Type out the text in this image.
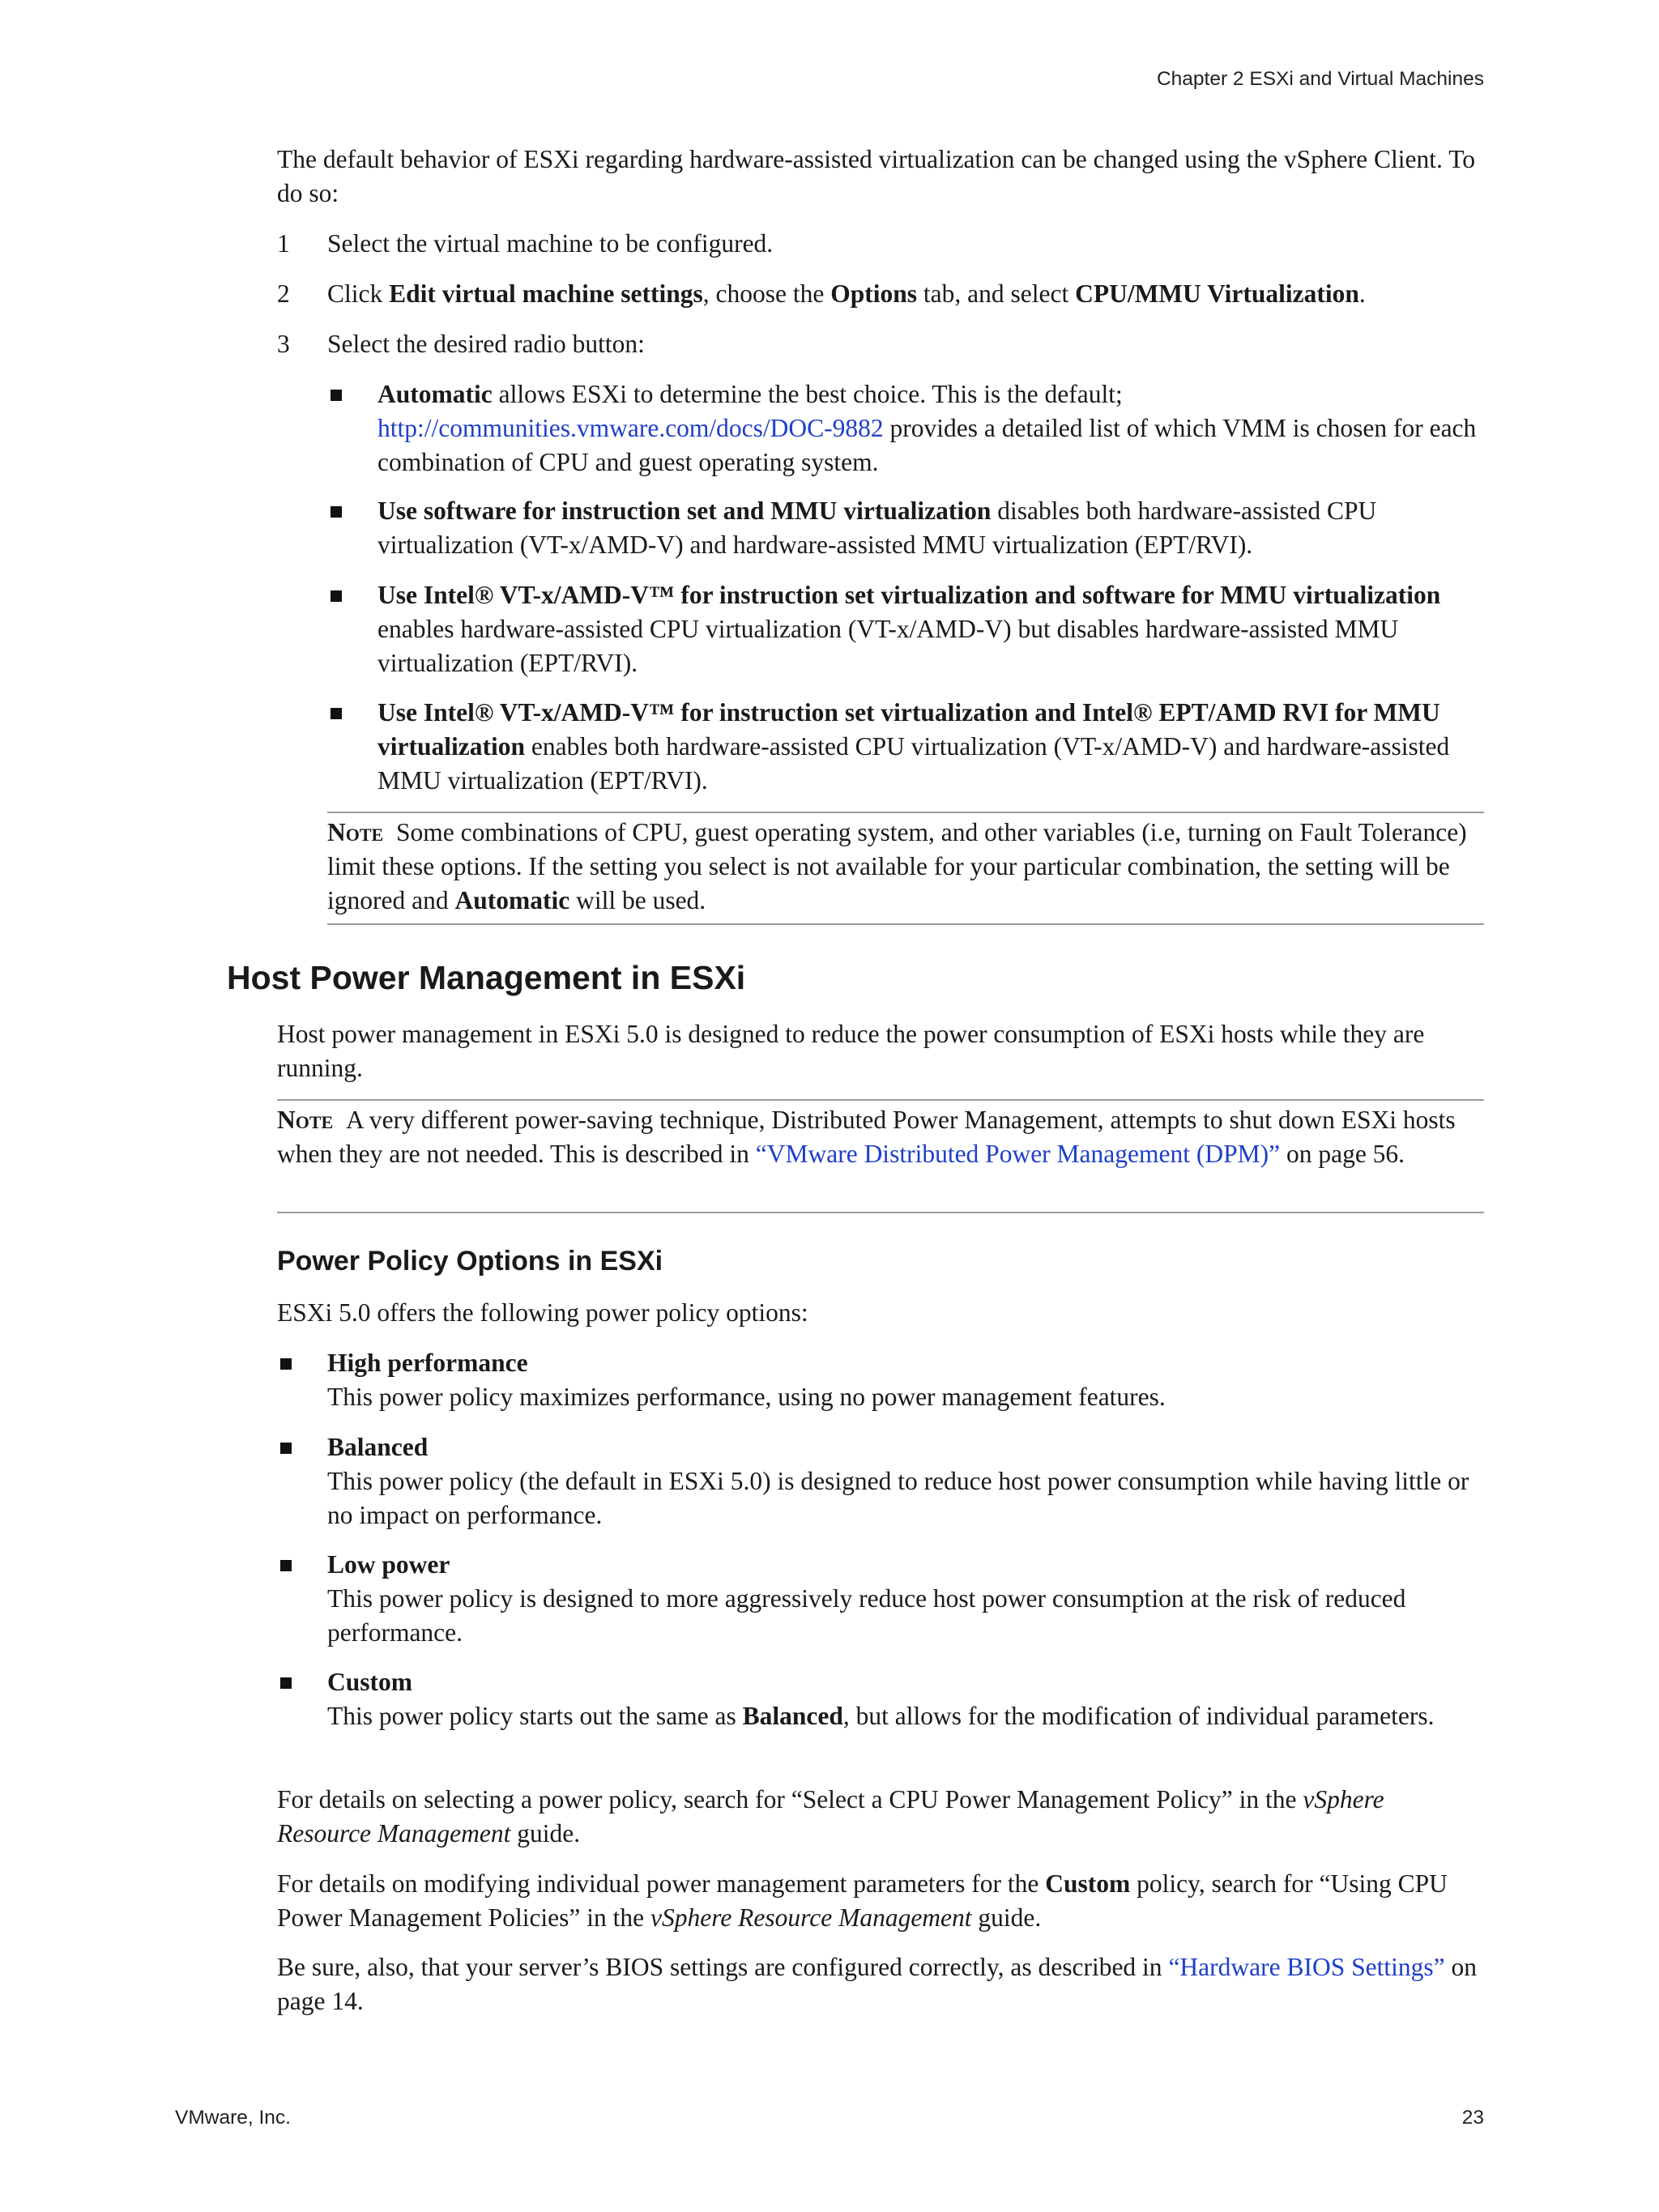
Chapter 2 ESXi and Virtual Machines

The default behavior of ESXi regarding hardware-assisted virtualization can be changed using the vSphere Client. To do so:

1 Select the virtual machine to be configured.
2 Click Edit virtual machine settings, choose the Options tab, and select CPU/MMU Virtualization.
3 Select the desired radio button:

Automatic allows ESXi to determine the best choice. This is the default; http://communities.vmware.com/docs/DOC-9882 provides a detailed list of which VMM is chosen for each combination of CPU and guest operating system.

Use software for instruction set and MMU virtualization disables both hardware-assisted CPU virtualization (VT-x/AMD-V) and hardware-assisted MMU virtualization (EPT/RVI).

Use Intel® VT-x/AMD-V™ for instruction set virtualization and software for MMU virtualization enables hardware-assisted CPU virtualization (VT-x/AMD-V) but disables hardware-assisted MMU virtualization (EPT/RVI).

Use Intel® VT-x/AMD-V™ for instruction set virtualization and Intel® EPT/AMD RVI for MMU virtualization enables both hardware-assisted CPU virtualization (VT-x/AMD-V) and hardware-assisted MMU virtualization (EPT/RVI).

Note Some combinations of CPU, guest operating system, and other variables (i.e, turning on Fault Tolerance) limit these options. If the setting you select is not available for your particular combination, the setting will be ignored and Automatic will be used.

Host Power Management in ESXi

Host power management in ESXi 5.0 is designed to reduce the power consumption of ESXi hosts while they are running.

Note A very different power-saving technique, Distributed Power Management, attempts to shut down ESXi hosts when they are not needed. This is described in “VMware Distributed Power Management (DPM)” on page 56.

Power Policy Options in ESXi

ESXi 5.0 offers the following power policy options:

High performance

This power policy maximizes performance, using no power management features.

Balanced

This power policy (the default in ESXi 5.0) is designed to reduce host power consumption while having little or no impact on performance.

Low power

This power policy is designed to more aggressively reduce host power consumption at the risk of reduced performance.

Custom

This power policy starts out the same as Balanced, but allows for the modification of individual parameters.

For details on selecting a power policy, search for “Select a CPU Power Management Policy” in the vSphere Resource Management guide.

For details on modifying individual power management parameters for the Custom policy, search for “Using CPU Power Management Policies” in the vSphere Resource Management guide.

Be sure, also, that your server’s BIOS settings are configured correctly, as described in “Hardware BIOS Settings” on page 14.

VMware, Inc.	23
